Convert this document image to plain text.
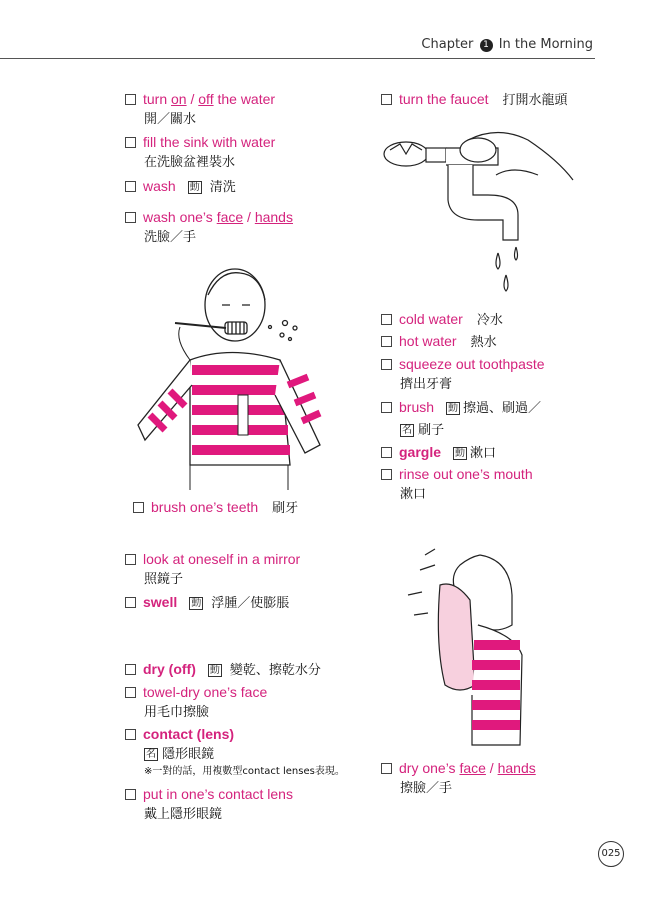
Chapter 1 In the Morning
turn on / off the water
開／關水
fill the sink with water
在洗臉盆裡裝水
wash 動 清洗
wash one’s face / hands
洗臉／手
brush one’s teeth 刷牙
look at oneself in a mirror
照鏡子
swell 動 浮腫／使膨脹
dry (off) 動 變乾、擦乾水分
towel-dry one’s face
用毛巾擦臉
contact (lens)
名 隱形眼鏡
※一對的話，用複數型contact lenses表現。
put in one’s contact lens
戴上隱形眼鏡
turn the faucet 打開水龍頭
cold water 冷水
hot water 熱水
squeeze out toothpaste
擠出牙膏
brush 動 擦過、刷過／
名 刷子
gargle 動 漱口
rinse out one’s mouth
漱口
dry one’s face / hands
擦臉／手
025
